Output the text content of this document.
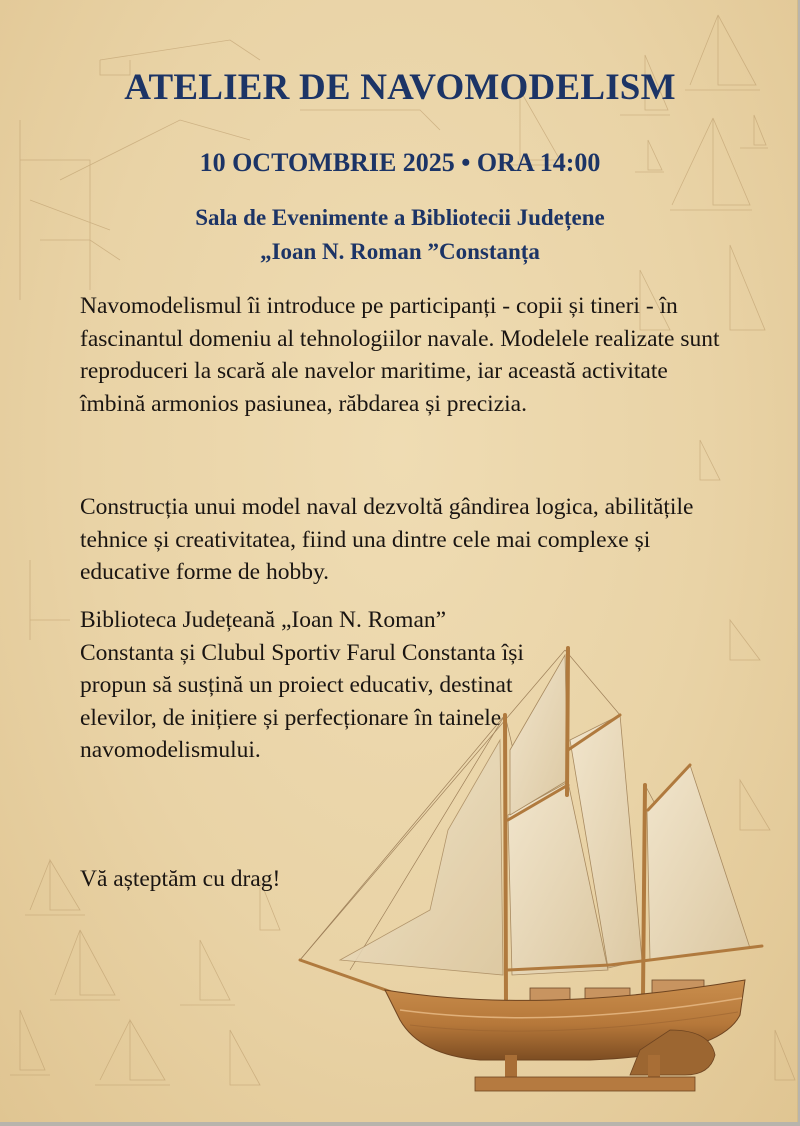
ATELIER DE NAVOMODELISM
10 OCTOMBRIE 2025 • ORA 14:00
Sala de Evenimente a Bibliotecii Județene
„Ioan N. Roman ”Constanța
Navomodelismul îi introduce pe participanți - copii și tineri - în fascinantul domeniu al tehnologiilor navale. Modelele realizate sunt reproduceri la scară ale navelor maritime, iar această activitate îmbină armonios pasiunea, răbdarea și precizia.
Construcția unui model naval dezvoltă gândirea logica, abilitățile tehnice și creativitatea, fiind una dintre cele mai complexe și educative forme de hobby.
Biblioteca Județeană „Ioan N. Roman” Constanta și Clubul Sportiv Farul Constanta își propun să susțină un proiect educativ, destinat elevilor, de inițiere și perfecționare în tainele navomodelismului.
Vă așteptăm cu drag!
